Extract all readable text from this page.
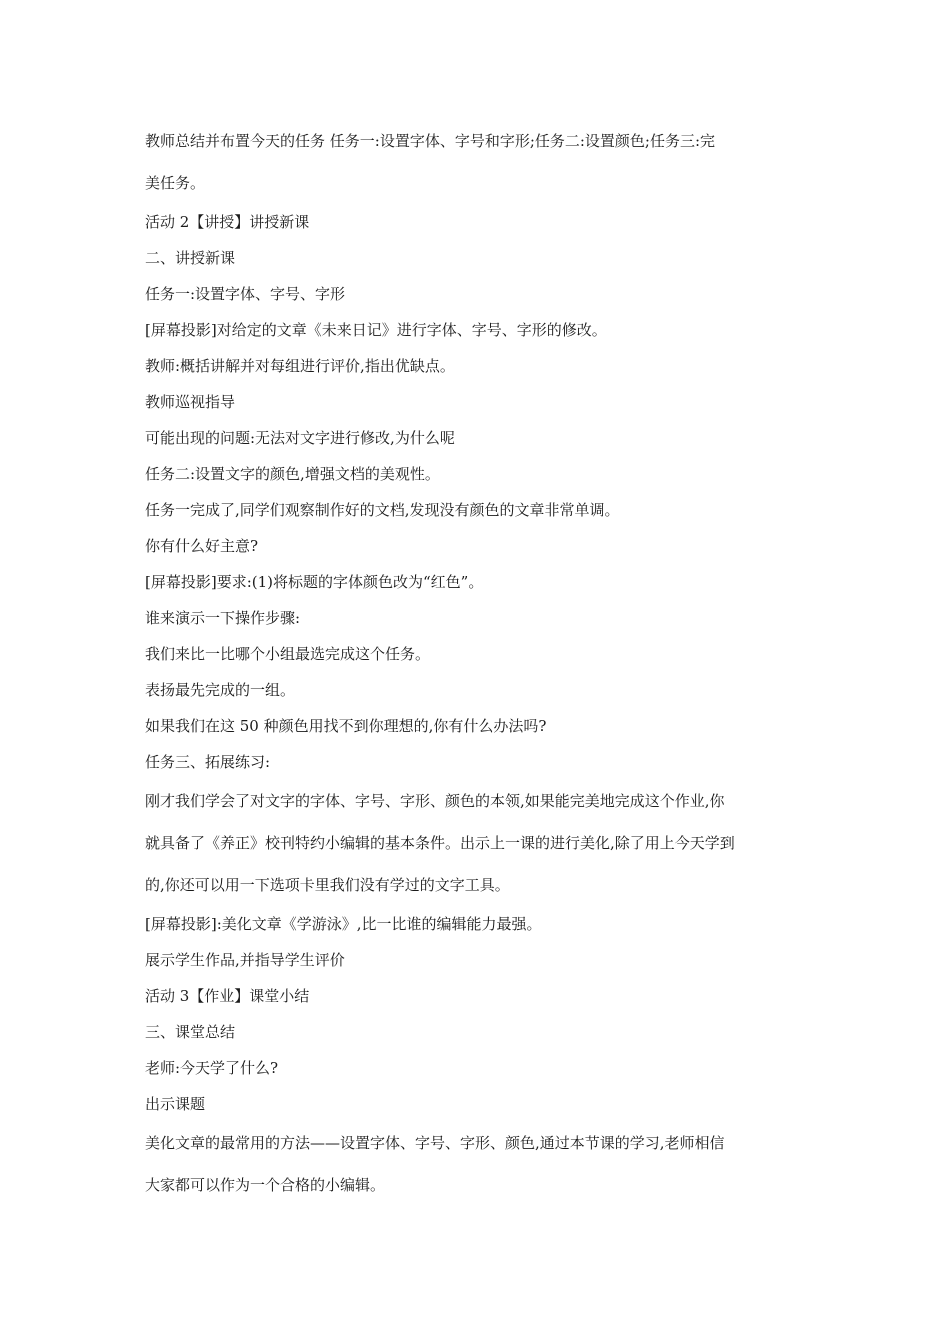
教师总结并布置今天的任务 任务一:设置字体、字号和字形;任务二:设置颜色;任务三:完
美任务。

活动 2【讲授】讲授新课

二、讲授新课

任务一:设置字体、字号、字形

[屏幕投影]对给定的文章《未来日记》进行字体、字号、字形的修改。

教师:概括讲解并对每组进行评价,指出优缺点。

教师巡视指导

可能出现的问题:无法对文字进行修改,为什么呢

任务二:设置文字的颜色,增强文档的美观性。

任务一完成了,同学们观察制作好的文档,发现没有颜色的文章非常单调。

你有什么好主意?

[屏幕投影]要求:(1)将标题的字体颜色改为“红色”。

谁来演示一下操作步骤:

我们来比一比哪个小组最选完成这个任务。

表扬最先完成的一组。

如果我们在这 50 种颜色用找不到你理想的,你有什么办法吗?

任务三、拓展练习:

刚才我们学会了对文字的字体、字号、字形、颜色的本领,如果能完美地完成这个作业,你
就具备了《养正》校刊特约小编辑的基本条件。出示上一课的进行美化,除了用上今天学到
的,你还可以用一下选项卡里我们没有学过的文字工具。

[屏幕投影]:美化文章《学游泳》,比一比谁的编辑能力最强。

展示学生作品,并指导学生评价

活动 3【作业】课堂小结

三、课堂总结

老师:今天学了什么?

出示课题

美化文章的最常用的方法——设置字体、字号、字形、颜色,通过本节课的学习,老师相信
大家都可以作为一个合格的小编辑。
